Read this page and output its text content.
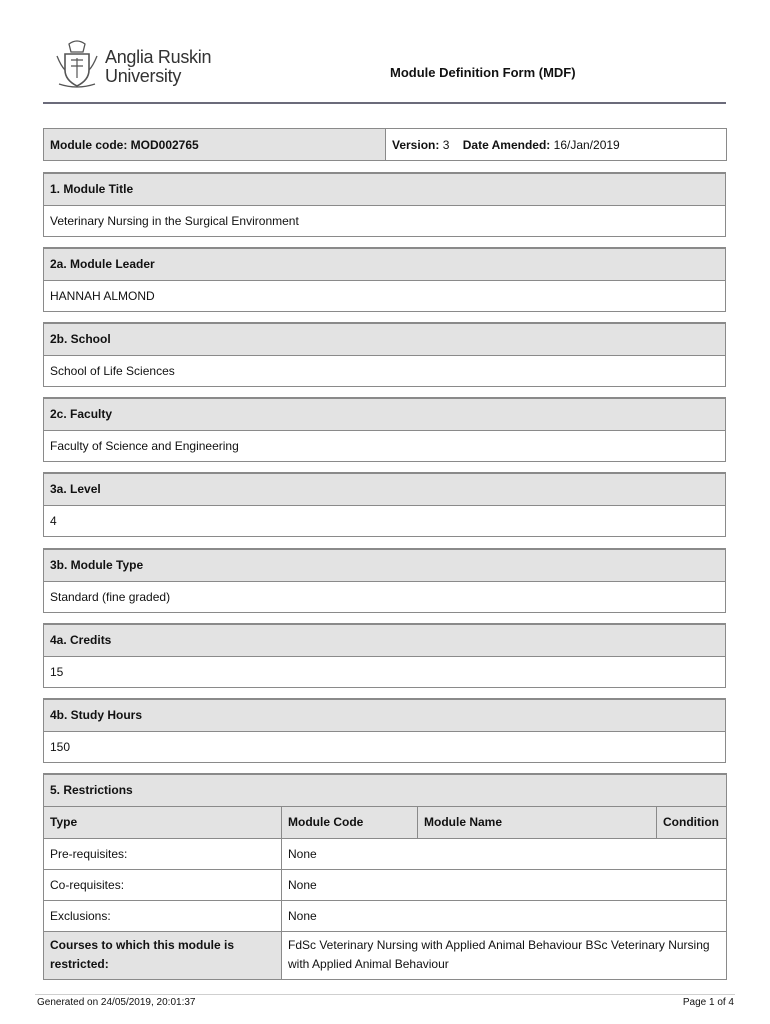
Anglia Ruskin
University	Module Definition Form (MDF)
Module code: MOD002765	Version: 3 Date Amended: 16/Jan/2019
1. Module Title
Veterinary Nursing in the Surgical Environment
2a. Module Leader
HANNAH ALMOND
2b. School
School of Life Sciences
2c. Faculty
Faculty of Science and Engineering
3a. Level
4
3b. Module Type
Standard (fine graded)
4a. Credits
15
4b. Study Hours
150
5. Restrictions			
Type	Module Code	Module Name	Condition
Pre-requisites:	None		
Co-requisites:	None		
Exclusions:	None		
Courses to which this module is restricted:	FdSc Veterinary Nursing with Applied Animal Behaviour BSc Veterinary Nursing with Applied Animal Behaviour		
Generated on 24/05/2019, 20:01:37	Page 1 of 4
